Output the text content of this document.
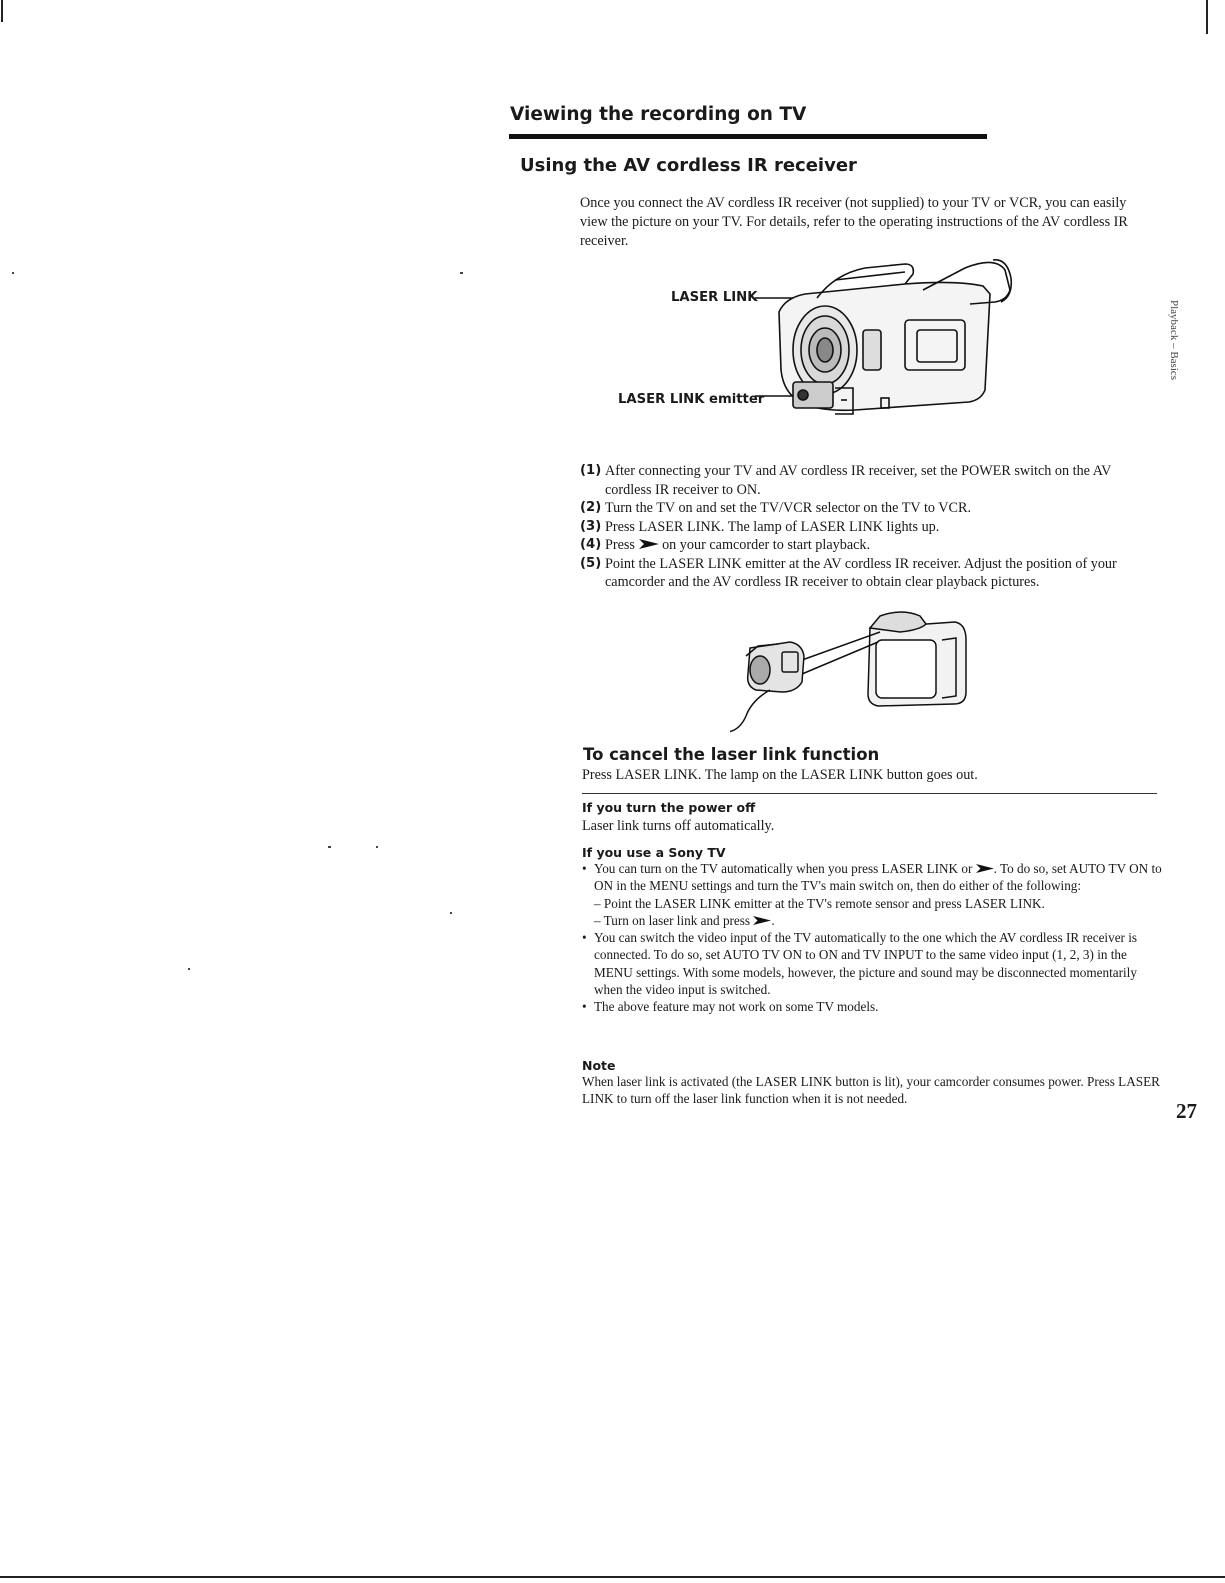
Viewing the recording on TV
Using the AV cordless IR receiver
Once you connect the AV cordless IR receiver (not supplied) to your TV or VCR, you can easily view the picture on your TV. For details, refer to the operating instructions of the AV cordless IR receiver.
LASER LINK
LASER LINK emitter
(1) After connecting your TV and AV cordless IR receiver, set the POWER switch on the AV cordless IR receiver to ON.
(2) Turn the TV on and set the TV/VCR selector on the TV to VCR.
(3) Press LASER LINK. The lamp of LASER LINK lights up.
(4) Press on your camcorder to start playback.
(5) Point the LASER LINK emitter at the AV cordless IR receiver. Adjust the position of your camcorder and the AV cordless IR receiver to obtain clear playback pictures.
To cancel the laser link function
Press LASER LINK. The lamp on the LASER LINK button goes out.
If you turn the power off
Laser link turns off automatically.
If you use a Sony TV
• You can turn on the TV automatically when you press LASER LINK or . To do so, set AUTO TV ON to ON in the MENU settings and turn the TV's main switch on, then do either of the following:
– Point the LASER LINK emitter at the TV's remote sensor and press LASER LINK.
– Turn on laser link and press .
• You can switch the video input of the TV automatically to the one which the AV cordless IR receiver is connected. To do so, set AUTO TV ON to ON and TV INPUT to the same video input (1, 2, 3) in the MENU settings. With some models, however, the picture and sound may be disconnected momentarily when the video input is switched.
• The above feature may not work on some TV models.
Note
When laser link is activated (the LASER LINK button is lit), your camcorder consumes power. Press LASER LINK to turn off the laser link function when it is not needed.
Playback – Basics
27
